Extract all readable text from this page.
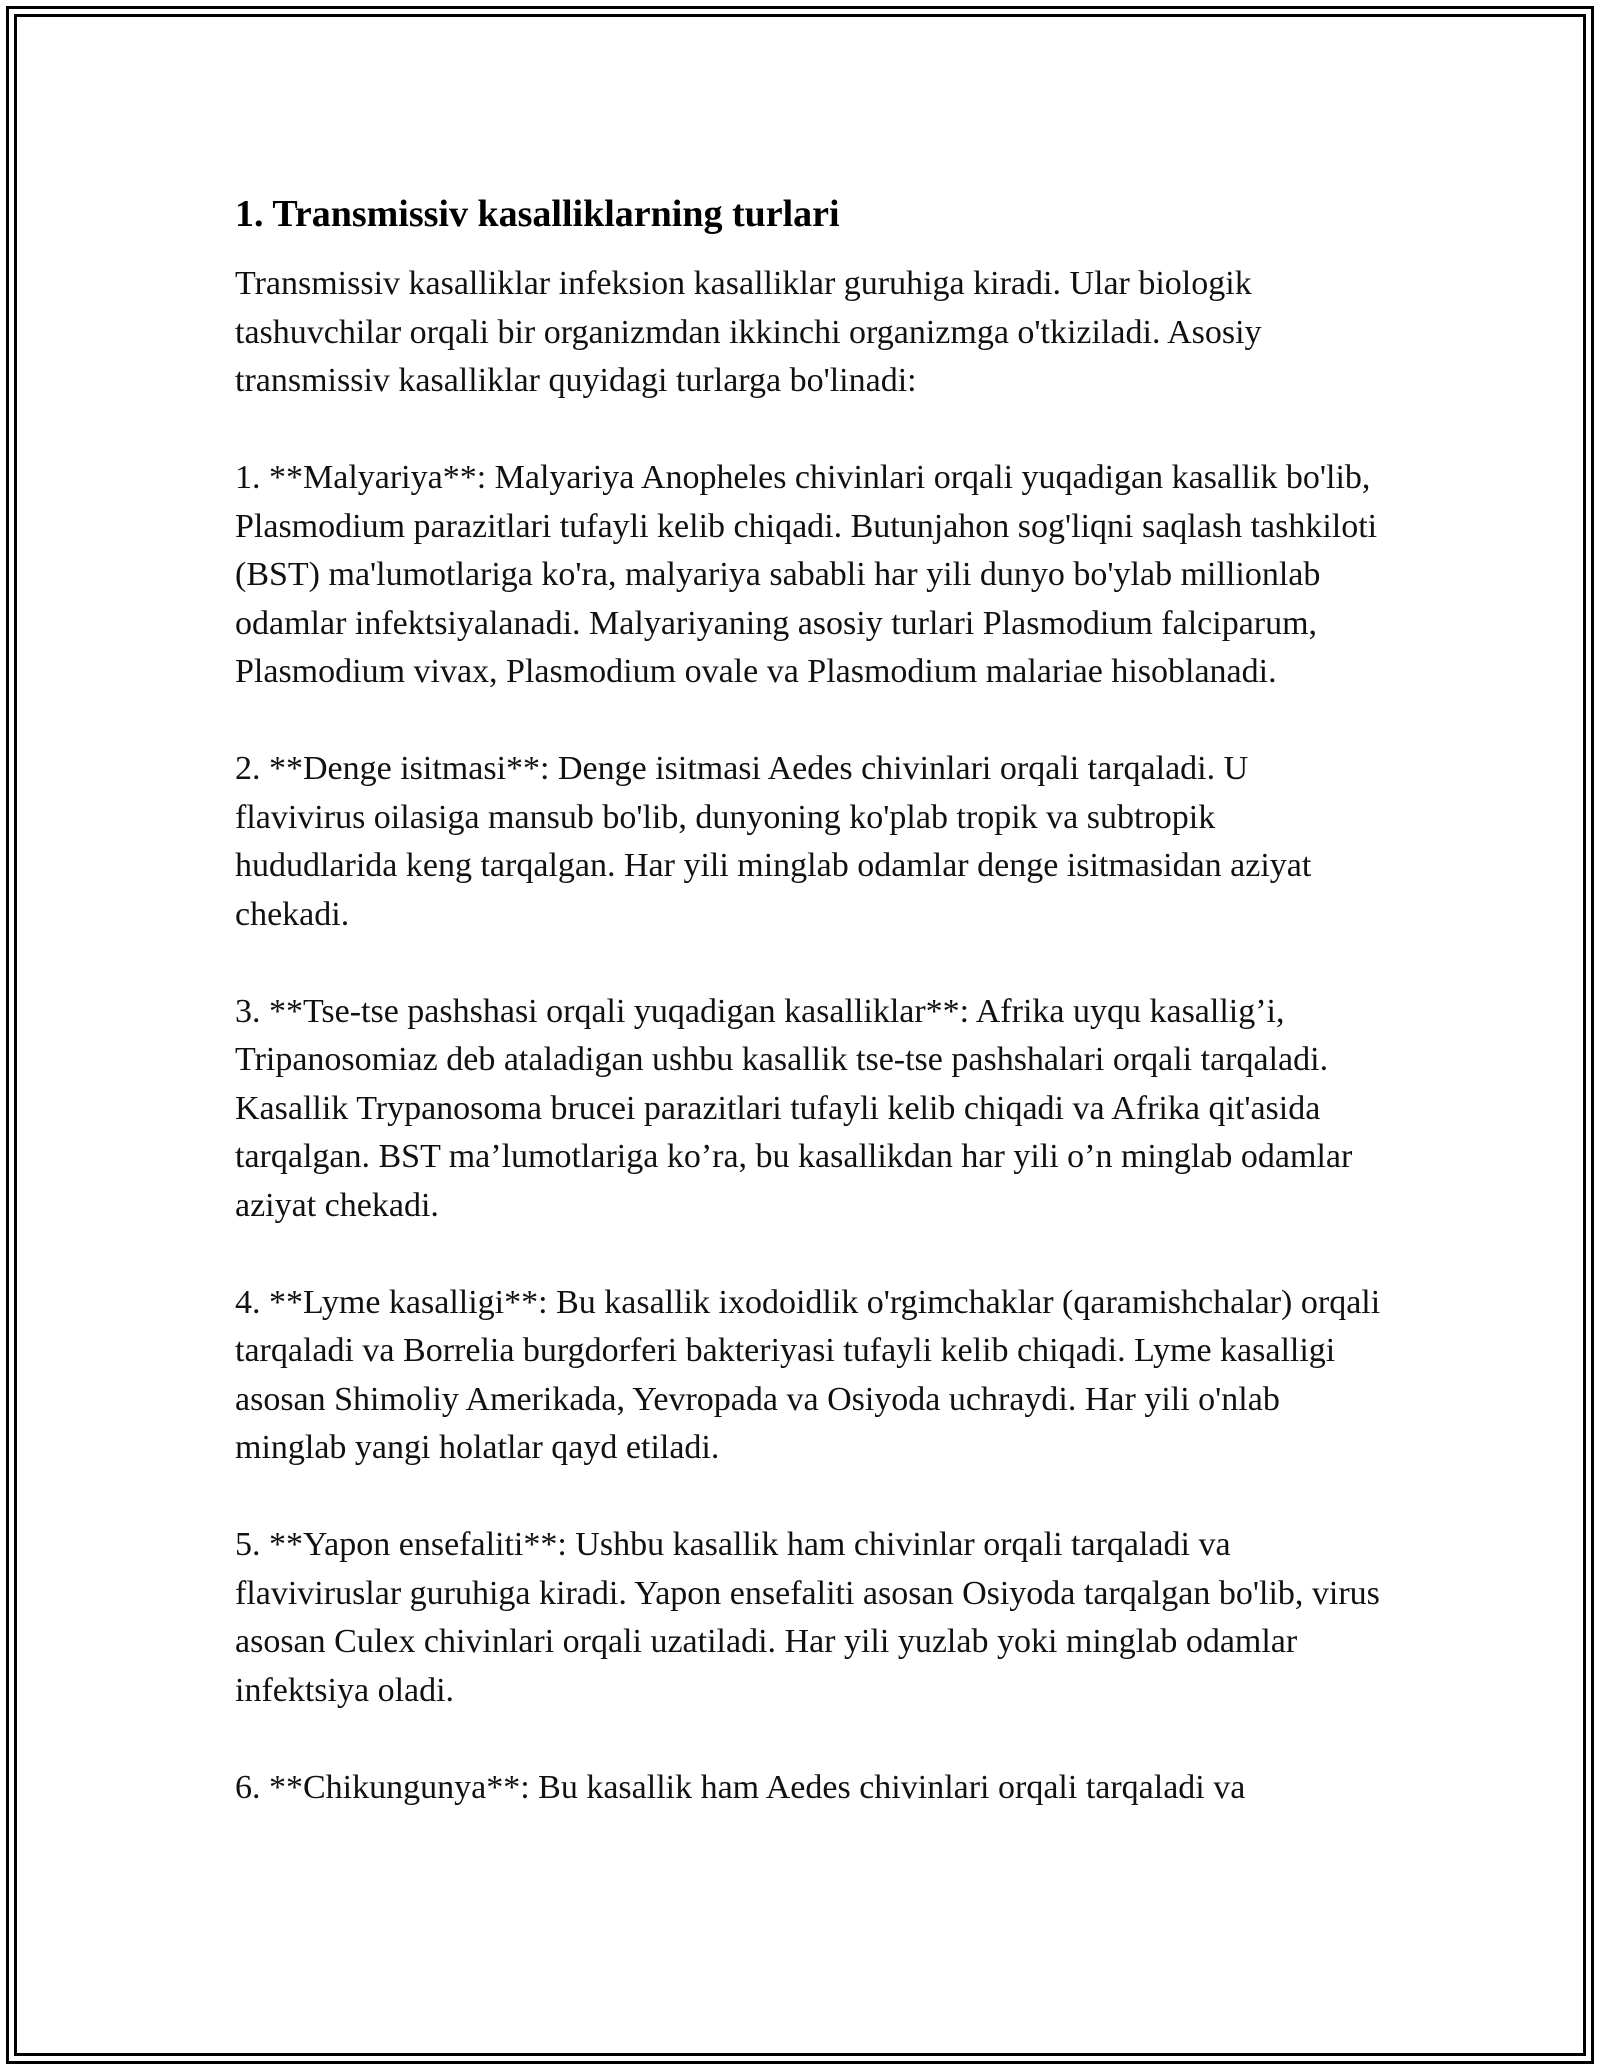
1. Transmissiv kasalliklarning turlari

Transmissiv kasalliklar infeksion kasalliklar guruhiga kiradi. Ular biologik tashuvchilar orqali bir organizmdan ikkinchi organizmga o'tkiziladi. Asosiy transmissiv kasalliklar quyidagi turlarga bo'linadi:

1. **Malyariya**: Malyariya Anopheles chivinlari orqali yuqadigan kasallik bo'lib, Plasmodium parazitlari tufayli kelib chiqadi. Butunjahon sog'liqni saqlash tashkiloti (BST) ma'lumotlariga ko'ra, malyariya sababli har yili dunyo bo'ylab millionlab odamlar infektsiyalanadi. Malyariyaning asosiy turlari Plasmodium falciparum, Plasmodium vivax, Plasmodium ovale va Plasmodium malariae hisoblanadi.

2. **Denge isitmasi**: Denge isitmasi Aedes chivinlari orqali tarqaladi. U flavivirus oilasiga mansub bo'lib, dunyoning ko'plab tropik va subtropik hududlarida keng tarqalgan. Har yili minglab odamlar denge isitmasidan aziyat chekadi.

3. **Tse-tse pashshasi orqali yuqadigan kasalliklar**: Afrika uyqu kasallig’i, Tripanosomiaz deb ataladigan ushbu kasallik tse-tse pashshalari orqali tarqaladi. Kasallik Trypanosoma brucei parazitlari tufayli kelib chiqadi va Afrika qit'asida tarqalgan. BST ma’lumotlariga ko’ra, bu kasallikdan har yili o’n minglab odamlar aziyat chekadi.

4. **Lyme kasalligi**: Bu kasallik ixodoidlik o'rgimchaklar (qaramishchalar) orqali tarqaladi va Borrelia burgdorferi bakteriyasi tufayli kelib chiqadi. Lyme kasalligi asosan Shimoliy Amerikada, Yevropada va Osiyoda uchraydi. Har yili o'nlab minglab yangi holatlar qayd etiladi.

5. **Yapon ensefaliti**: Ushbu kasallik ham chivinlar orqali tarqaladi va flaviviruslar guruhiga kiradi. Yapon ensefaliti asosan Osiyoda tarqalgan bo'lib, virus asosan Culex chivinlari orqali uzatiladi. Har yili yuzlab yoki minglab odamlar infektsiya oladi.

6. **Chikungunya**: Bu kasallik ham Aedes chivinlari orqali tarqaladi va
